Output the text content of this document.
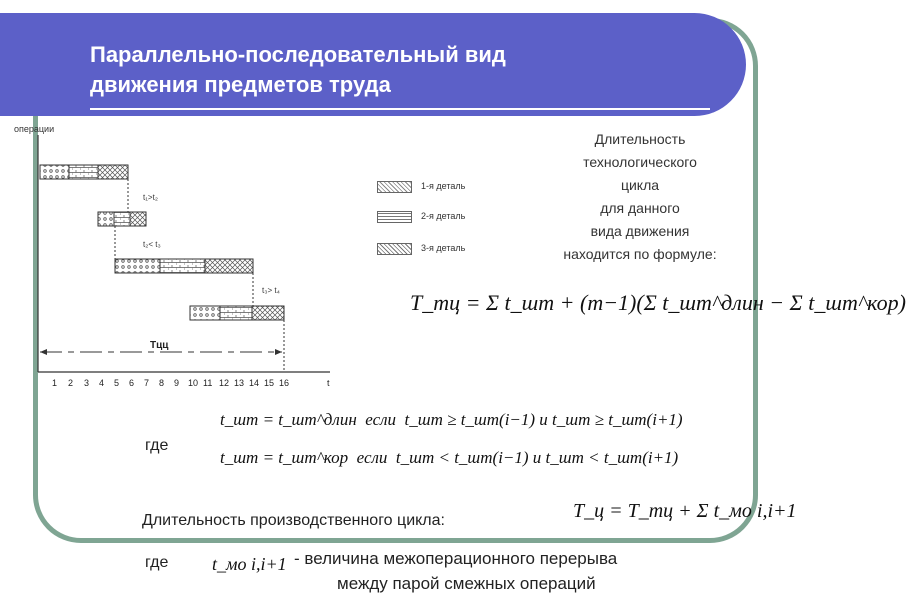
Параллельно-последовательный вид
движения предметов труда
операции
t₁>t₂
t₂< t₃
t₃> t₄
Тцц
1 2 3 4 5 6 7 8 9 10 11 12 13 14 15 16	t
1-я деталь
2-я деталь
3-я деталь
Длительность
технологического
цикла
для данного
вида движения
находится по формуле:
T_тц = Σ t_шт + (m−1)(Σ t_шт^длин − Σ t_шт^кор)
где
t_шт = t_шт^длин если t_шт ≥ t_шт(i−1) и t_шт ≥ t_шт(i+1)
t_шт = t_шт^кор если t_шт < t_шт(i−1) и t_шт < t_шт(i+1)
Длительность производственного цикла:	T_ц = T_тц + Σ t_мо i,i+1
где t_мо i,i+1 - величина межоперационного перерыва
между парой смежных операций
